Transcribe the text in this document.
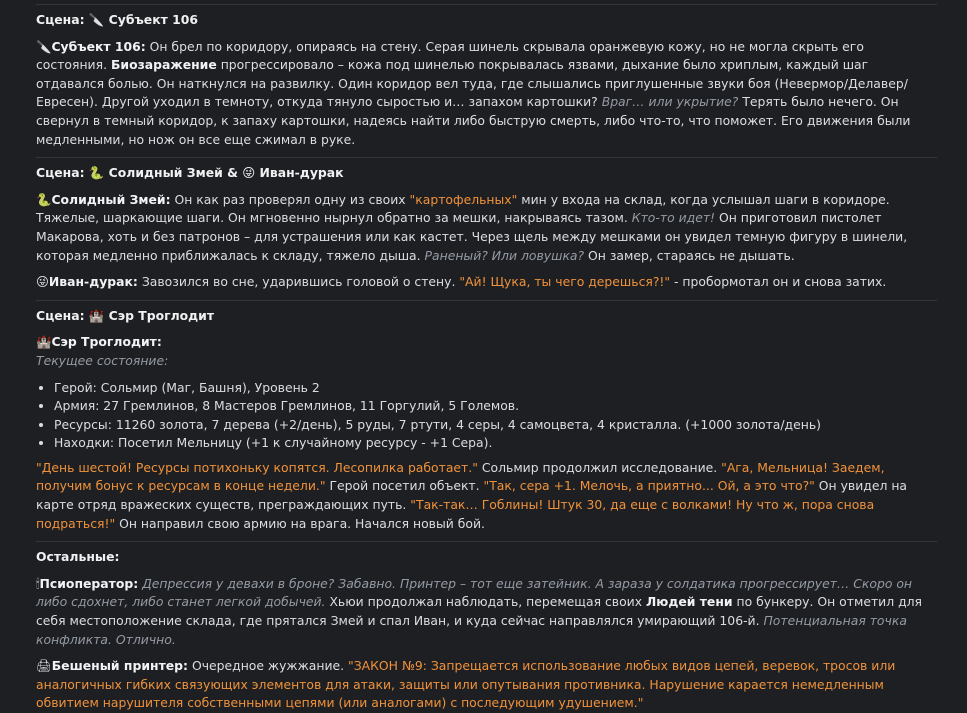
Сцена: 🔪 Субъект 106

🔪Субъект 106: Он брел по коридору, опираясь на стену. Серая шинель скрывала оранжевую кожу, но не могла скрыть его состояния. Биозаражение прогрессировало – кожа под шинелью покрывалась язвами, дыхание было хриплым, каждый шаг отдавался болью. Он наткнулся на развилку. Один коридор вел туда, где слышались приглушенные звуки боя (Невермор/Делавер/Евресен). Другой уходил в темноту, откуда тянуло сыростью и… запахом картошки? Враг… или укрытие? Терять было нечего. Он свернул в темный коридор, к запаху картошки, надеясь найти либо быструю смерть, либо что-то, что поможет. Его движения были медленными, но нож он все еще сжимал в руке.

Сцена: 🐍 Солидный Змей & 😜 Иван-дурак

🐍Солидный Змей: Он как раз проверял одну из своих "картофельных" мин у входа на склад, когда услышал шаги в коридоре. Тяжелые, шаркающие шаги. Он мгновенно нырнул обратно за мешки, накрываясь тазом. Кто-то идет! Он приготовил пистолет Макарова, хоть и без патронов – для устрашения или как кастет. Через щель между мешками он увидел темную фигуру в шинели, которая медленно приближалась к складу, тяжело дыша. Раненый? Или ловушка? Он замер, стараясь не дышать.

😜Иван-дурак: Завозился во сне, ударившись головой о стену. "Ай! Щука, ты чего дерешься?!" - пробормотал он и снова затих.

Сцена: 🏰 Сэр Троглодит
🏰Сэр Троглодит:
Текущее состояние:
• Герой: Сольмир (Маг, Башня), Уровень 2
• Армия: 27 Гремлинов, 8 Мастеров Гремлинов, 11 Горгулий, 5 Големов.
• Ресурсы: 11260 золота, 7 дерева (+2/день), 5 руды, 7 ртути, 4 серы, 4 самоцвета, 4 кристалла. (+1000 золота/день)
• Находки: Посетил Мельницу (+1 к случайному ресурсу - +1 Сера).

"День шестой! Ресурсы потихоньку копятся. Лесопилка работает." Сольмир продолжил исследование. "Ага, Мельница! Заедем, получим бонус к ресурсам в конце недели." Герой посетил объект. "Так, сера +1. Мелочь, а приятно... Ой, а это что?" Он увидел на карте отряд вражеских существ, преграждающих путь. "Так-так… Гоблины! Штук 30, да еще с волками! Ну что ж, пора снова подраться!" Он направил свою армию на врага. Начался новый бой.

Остальные:

🕯Псиоператор: Депрессия у девахи в броне? Забавно. Принтер – тот еще затейник. А зараза у солдатика прогрессирует… Скоро он либо сдохнет, либо станет легкой добычей. Хьюи продолжал наблюдать, перемещая своих Людей тени по бункеру. Он отметил для себя местоположение склада, где прятался Змей и спал Иван, и куда сейчас направлялся умирающий 106-й. Потенциальная точка конфликта. Отлично.

🖨Бешеный принтер: Очередное жужжание. "ЗАКОН №9: Запрещается использование любых видов цепей, веревок, тросов или аналогичных гибких связующих элементов для атаки, защиты или опутывания противника. Нарушение карается немедленным обвитием нарушителя собственными цепями (или аналогами) с последующим удушением."
